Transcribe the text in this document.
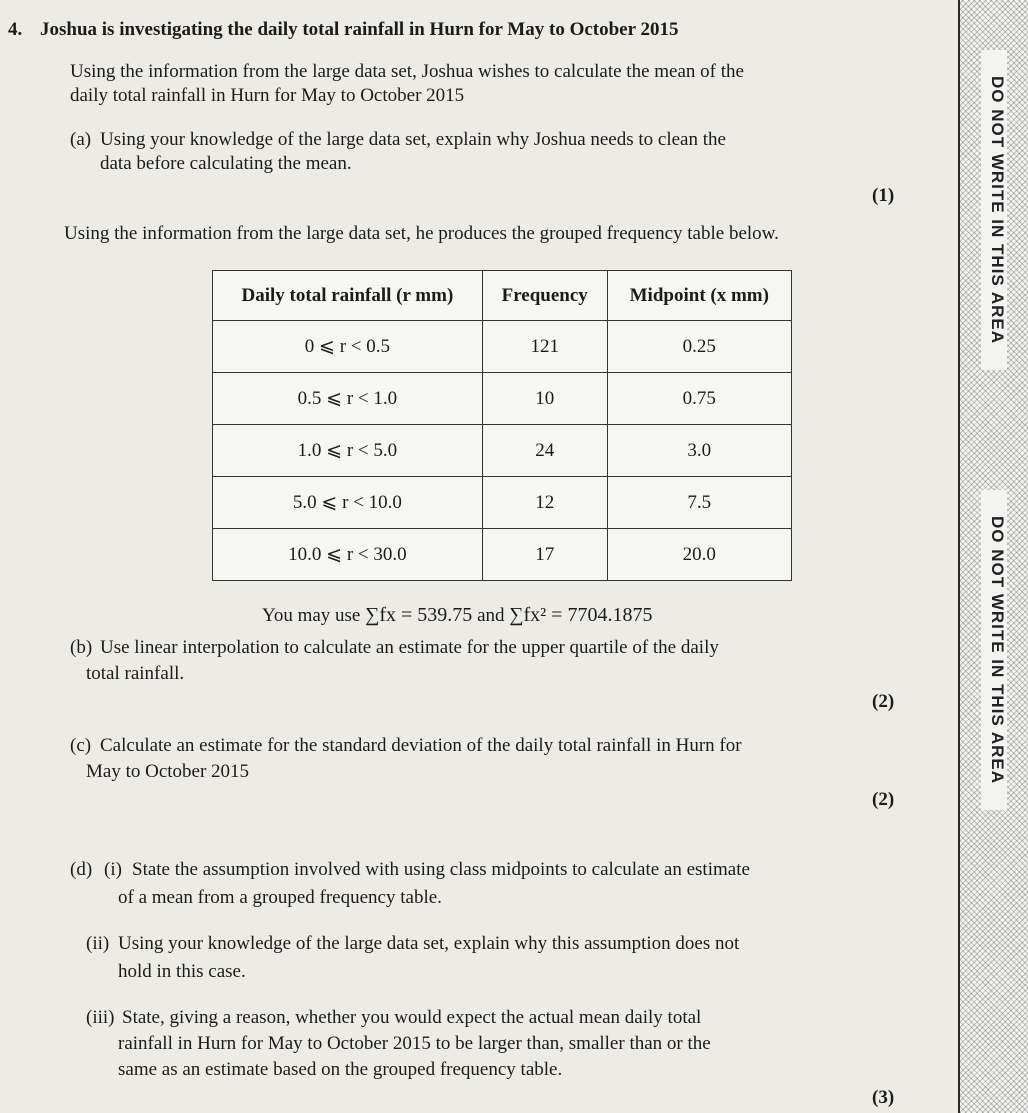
4. Joshua is investigating the daily total rainfall in Hurn for May to October 2015
Using the information from the large data set, Joshua wishes to calculate the mean of the
daily total rainfall in Hurn for May to October 2015
(a) Using your knowledge of the large data set, explain why Joshua needs to clean the
data before calculating the mean.
(1)
Using the information from the large data set, he produces the grouped frequency table below.
Daily total rainfall (r mm)	Frequency	Midpoint (x mm)
0 ⩽ r < 0.5	121	0.25
0.5 ⩽ r < 1.0	10	0.75
1.0 ⩽ r < 5.0	24	3.0
5.0 ⩽ r < 10.0	12	7.5
10.0 ⩽ r < 30.0	17	20.0
You may use ∑fx = 539.75 and ∑fx² = 7704.1875
(b) Use linear interpolation to calculate an estimate for the upper quartile of the daily
total rainfall.
(2)
(c) Calculate an estimate for the standard deviation of the daily total rainfall in Hurn for
May to October 2015
(2)
(d) (i) State the assumption involved with using class midpoints to calculate an estimate
of a mean from a grouped frequency table.
(ii) Using your knowledge of the large data set, explain why this assumption does not
hold in this case.
(iii) State, giving a reason, whether you would expect the actual mean daily total
rainfall in Hurn for May to October 2015 to be larger than, smaller than or the
same as an estimate based on the grouped frequency table.
(3)
DO NOT WRITE IN THIS AREA
DO NOT WRITE IN THIS AREA
